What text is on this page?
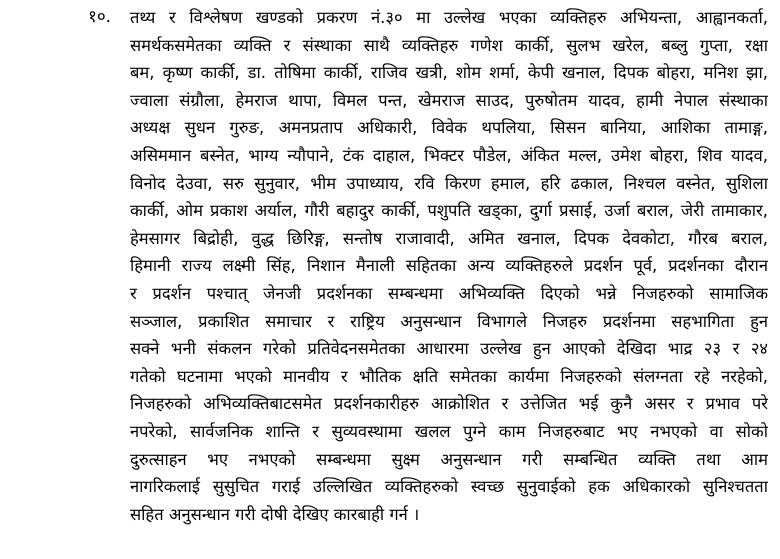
१०. तथ्य र विश्लेषण खण्डको प्रकरण नं.३० मा उल्लेख भएका व्यक्तिहरु अभियन्ता, आह्वानकर्ता,
समर्थकसमेतका व्यक्ति र संस्थाका साथै व्यक्तिहरु गणेश कार्की, सुलभ खरेल, बब्लु गुप्ता, रक्षा
बम, कृष्ण कार्की, डा. तोषिमा कार्की, राजिव खत्री, शोम शर्मा, केपी खनाल, दिपक बोहरा, मनिश झा,
ज्वाला संग्रौला, हेमराज थापा, विमल पन्त, खेमराज साउद, पुरुषोतम यादव, हामी नेपाल संस्थाका
अध्यक्ष सुधन गुरुङ, अमनप्रताप अधिकारी, विवेक थपलिया, सिसन बानिया, आशिका तामाङ्ग,
असिममान बस्नेत, भाग्य न्यौपाने, टंक दाहाल, भिक्टर पौडेल, अंकित मल्ल, उमेश बोहरा, शिव यादव,
विनोद देउवा, सरु सुनुवार, भीम उपाध्याय, रवि किरण हमाल, हरि ढकाल, निश्चल वस्नेत, सुशिला
कार्की, ओम प्रकाश अर्याल, गौरी बहादुर कार्की, पशुपति खड्का, दुर्गा प्रसाई, उर्जा बराल, जेरी तामाकार,
हेमसागर बिद्रोही, वुद्ध छिरिङ्ग, सन्तोष राजावादी, अमित खनाल, दिपक देवकोटा, गौरब बराल,
हिमानी राज्य लक्ष्मी सिंह, निशान मैनाली सहितका अन्य व्यक्तिहरुले प्रदर्शन पूर्व, प्रदर्शनका दौरान
र प्रदर्शन पश्चात् जेनजी प्रदर्शनका सम्बन्धमा अभिव्यक्ति दिएको भन्ने निजहरुको सामाजिक
सञ्जाल, प्रकाशित समाचार र राष्ट्रिय अनुसन्धान विभागले निजहरु प्रदर्शनमा सहभागिता हुन
सक्ने भनी संकलन गरेको प्रतिवेदनसमेतका आधारमा उल्लेख हुन आएको देखिदा भाद्र २३ र २४
गतेको घटनामा भएको मानवीय र भौतिक क्षति समेतका कार्यमा निजहरुको संलग्नता रहे नरहेको,
निजहरुको अभिव्यक्तिबाटसमेत प्रदर्शनकारीहरु आक्रोशित र उत्तेजित भई कुनै असर र प्रभाव परे
नपरेको, सार्वजनिक शान्ति र सुव्यवस्थामा खलल पुग्ने काम निजहरुबाट भए नभएको वा सोको
दुरुत्साहन भए नभएको सम्बन्धमा सुक्ष्म अनुसन्धान गरी सम्बन्धित व्यक्ति तथा आम
नागरिकलाई सुसुचित गराई उल्लिखित व्यक्तिहरुको स्वच्छ सुनुवाईको हक अधिकारको सुनिश्चतता
सहित अनुसन्धान गरी दोषी देखिए कारबाही गर्न ।
